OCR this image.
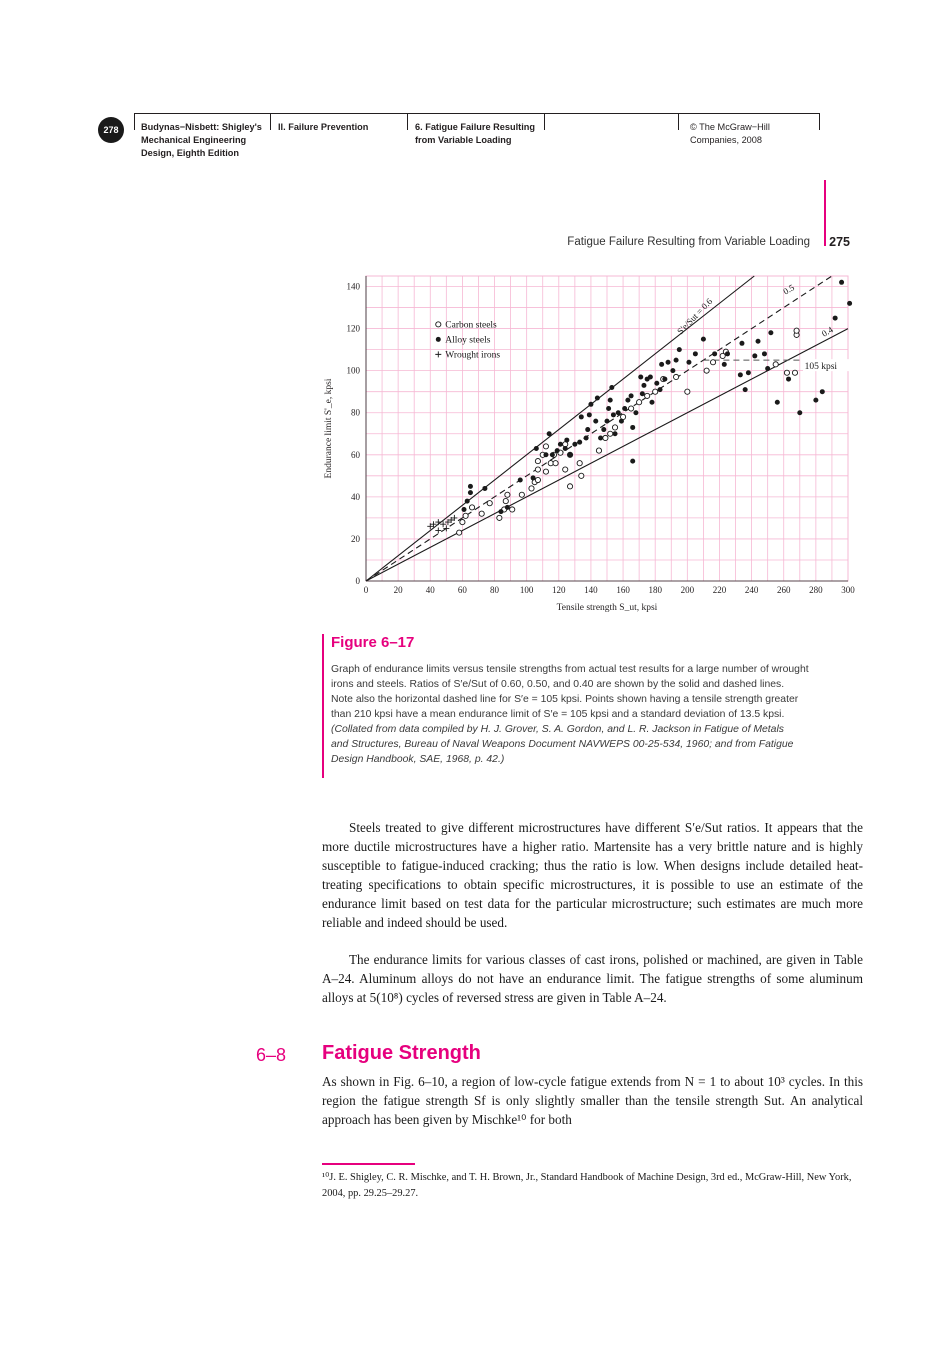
278	Budynas−Nisbett: Shigley's
Mechanical Engineering
Design, Eighth Edition
II. Failure Prevention	6. Fatigue Failure Resulting
from Variable Loading
© The McGraw−Hill
Companies, 2008
Fatigue Failure Resulting from Variable Loading 275
S'e/Sut = 0.6
0.5
0.4
105 kpsi
0	20	40	60	80 100 120 140 160 180 200 220 240 260 280 300
0
20
40
60
80
100
120
140
Tensile strength S_ut, kpsi
Endurance limit S'_e, kpsi
Carbon steels
Alloy steels
Wrought irons
Figure 6–17

Graph of endurance limits versus tensile strengths from actual test results for a large number of wrought

irons and steels. Ratios of S′e/Sut of 0.60, 0.50, and 0.40 are shown by the solid and dashed lines.

Note also the horizontal dashed line for S′e = 105 kpsi. Points shown having a tensile strength greater

than 210 kpsi have a mean endurance limit of S′e = 105 kpsi and a standard deviation of 13.5 kpsi.

(Collated from data compiled by H. J. Grover, S. A. Gordon, and L. R. Jackson in Fatigue of Metals

and Structures, Bureau of Naval Weapons Document NAVWEPS 00-25-534, 1960; and from Fatigue

Design Handbook, SAE, 1968, p. 42.)

Steels treated to give different microstructures have different S′e/Sut ratios. It appears that the more ductile microstructures have a higher ratio. Martensite has a very brittle nature and is highly susceptible to fatigue-induced cracking; thus the ratio is low. When designs include detailed heat-treating specifications to obtain specific microstructures, it is possible to use an estimate of the endurance limit based on test data for the particular microstructure; such estimates are much more reliable and indeed should be used.

The endurance limits for various classes of cast irons, polished or machined, are given in Table A–24. Aluminum alloys do not have an endurance limit. The fatigue strengths of some aluminum alloys at 5(10⁸) cycles of reversed stress are given in Table A–24.

6–8 Fatigue Strength

As shown in Fig. 6–10, a region of low-cycle fatigue extends from N = 1 to about 10³ cycles. In this region the fatigue strength Sf is only slightly smaller than the tensile strength Sut. An analytical approach has been given by Mischke¹⁰ for both

¹⁰J. E. Shigley, C. R. Mischke, and T. H. Brown, Jr., Standard Handbook of Machine Design, 3rd ed., McGraw-Hill, New York, 2004, pp. 29.25–29.27.
